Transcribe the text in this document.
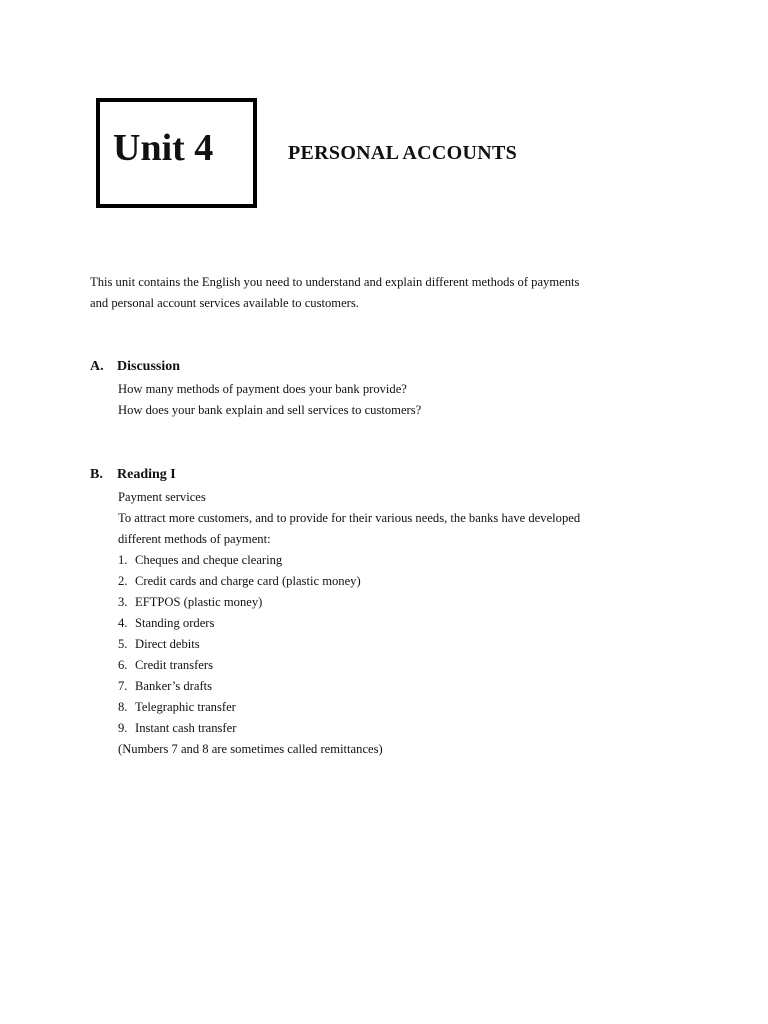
Unit 4	PERSONAL ACCOUNTS

This unit contains the English you need to understand and explain different methods of payments

and personal account services available to customers.

A. Discussion
How many methods of payment does your bank provide?
How does your bank explain and sell services to customers?
B. Reading I
Payment services
To attract more customers, and to provide for their various needs, the banks have developed
different methods of payment:
1. Cheques and cheque clearing
2. Credit cards and charge card (plastic money)
3. EFTPOS (plastic money)
4. Standing orders
5. Direct debits
6. Credit transfers
7. Banker’s drafts
8. Telegraphic transfer
9. Instant cash transfer
(Numbers 7 and 8 are sometimes called remittances)
